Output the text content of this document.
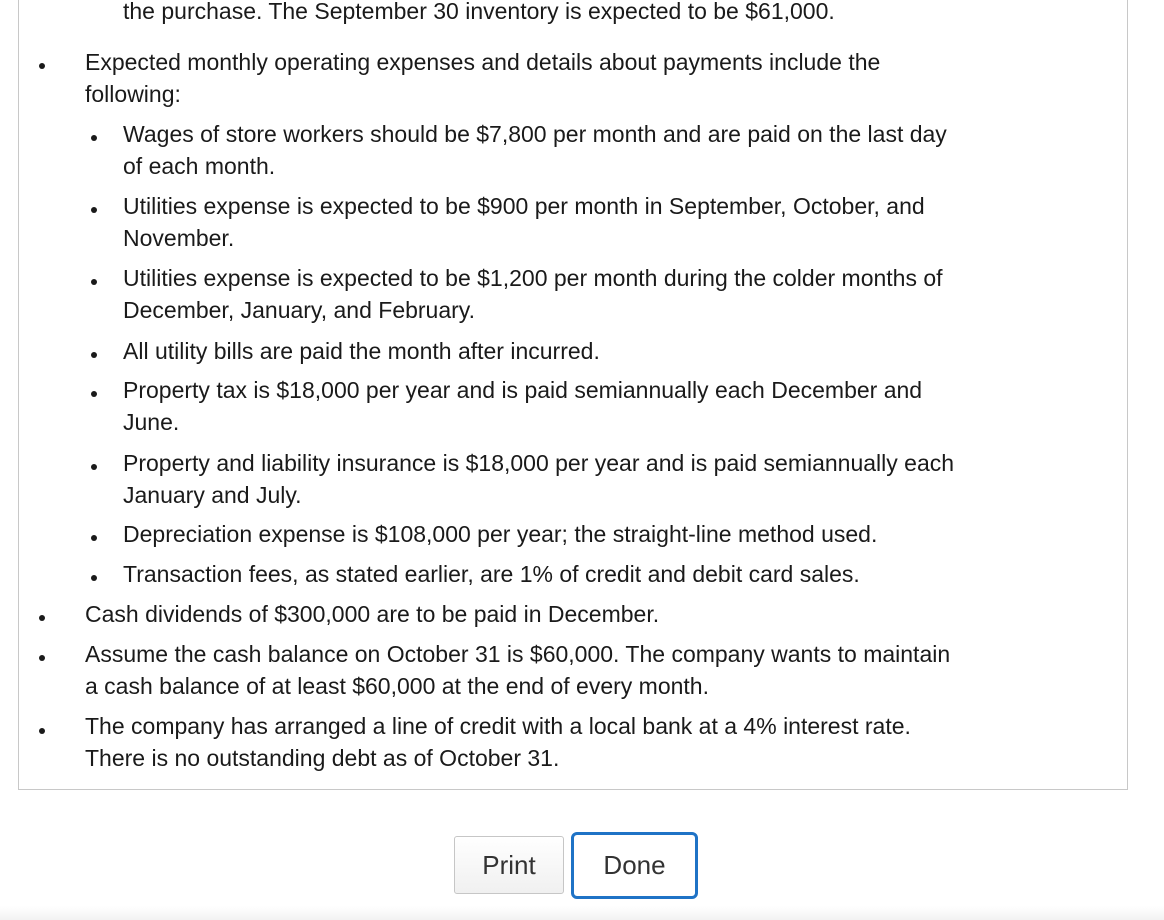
the purchase. The September 30 inventory is expected to be $61,000.
Expected monthly operating expenses and details about payments include the
following:
Wages of store workers should be $7,800 per month and are paid on the last day
of each month.
Utilities expense is expected to be $900 per month in September, October, and
November.
Utilities expense is expected to be $1,200 per month during the colder months of
December, January, and February.
All utility bills are paid the month after incurred.
Property tax is $18,000 per year and is paid semiannually each December and
June.
Property and liability insurance is $18,000 per year and is paid semiannually each
January and July.
Depreciation expense is $108,000 per year; the straight-line method used.
Transaction fees, as stated earlier, are 1% of credit and debit card sales.
Cash dividends of $300,000 are to be paid in December.
Assume the cash balance on October 31 is $60,000. The company wants to maintain
a cash balance of at least $60,000 at the end of every month.
The company has arranged a line of credit with a local bank at a 4% interest rate.
There is no outstanding debt as of October 31.
Print	Done
